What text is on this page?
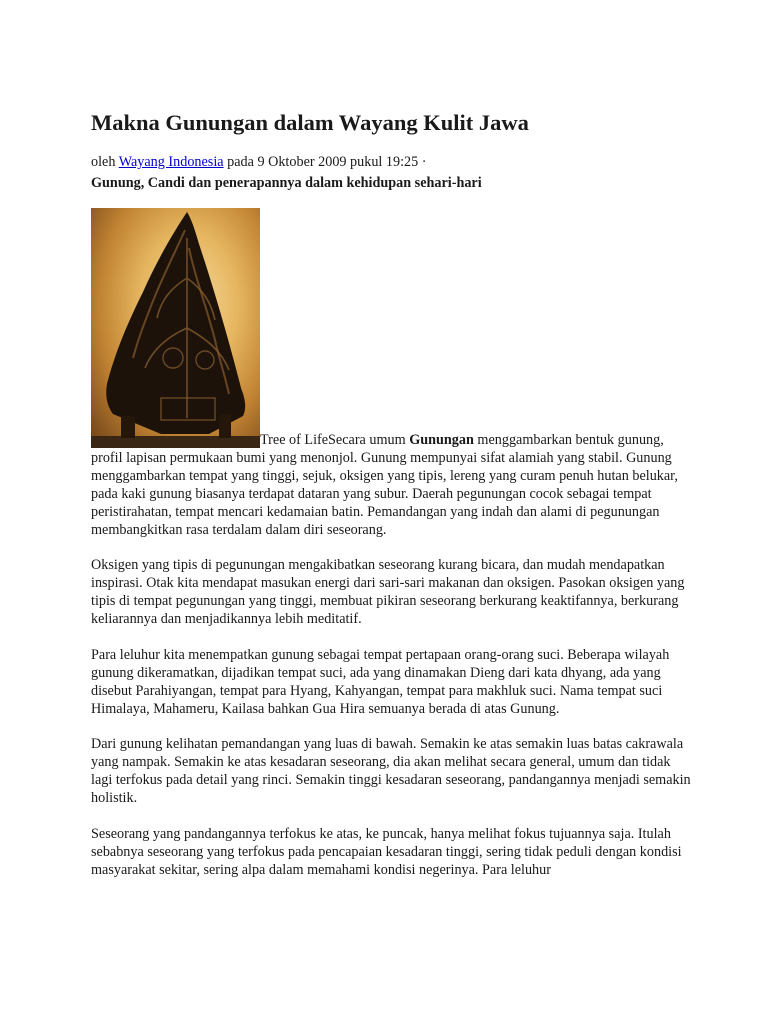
Makna Gunungan dalam Wayang Kulit Jawa
oleh Wayang Indonesia pada 9 Oktober 2009 pukul 19:25 ·
Gunung, Candi dan penerapannya dalam kehidupan sehari-hari

Tree of LifeSecara umum Gunungan menggambarkan bentuk gunung, profil lapisan permukaan bumi yang menonjol. Gunung mempunyai sifat alamiah yang stabil. Gunung menggambarkan tempat yang tinggi, sejuk, oksigen yang tipis, lereng yang curam penuh hutan belukar, pada kaki gunung biasanya terdapat dataran yang subur. Daerah pegunungan cocok sebagai tempat peristirahatan, tempat mencari kedamaian batin. Pemandangan yang indah dan alami di pegunungan membangkitkan rasa terdalam dalam diri seseorang.

Oksigen yang tipis di pegunungan mengakibatkan seseorang kurang bicara, dan mudah mendapatkan inspirasi. Otak kita mendapat masukan energi dari sari-sari makanan dan oksigen. Pasokan oksigen yang tipis di tempat pegunungan yang tinggi, membuat pikiran seseorang berkurang keaktifannya, berkurang keliarannya dan menjadikannya lebih meditatif.

Para leluhur kita menempatkan gunung sebagai tempat pertapaan orang-orang suci. Beberapa wilayah gunung dikeramatkan, dijadikan tempat suci, ada yang dinamakan Dieng dari kata dhyang, ada yang disebut Parahiyangan, tempat para Hyang, Kahyangan, tempat para makhluk suci. Nama tempat suci Himalaya, Mahameru, Kailasa bahkan Gua Hira semuanya berada di atas Gunung.

Dari gunung kelihatan pemandangan yang luas di bawah. Semakin ke atas semakin luas batas cakrawala yang nampak. Semakin ke atas kesadaran seseorang, dia akan melihat secara general, umum dan tidak lagi terfokus pada detail yang rinci. Semakin tinggi kesadaran seseorang, pandangannya menjadi semakin holistik.

Seseorang yang pandangannya terfokus ke atas, ke puncak, hanya melihat fokus tujuannya saja. Itulah sebabnya seseorang yang terfokus pada pencapaian kesadaran tinggi, sering tidak peduli dengan kondisi masyarakat sekitar, sering alpa dalam memahami kondisi negerinya. Para leluhur
